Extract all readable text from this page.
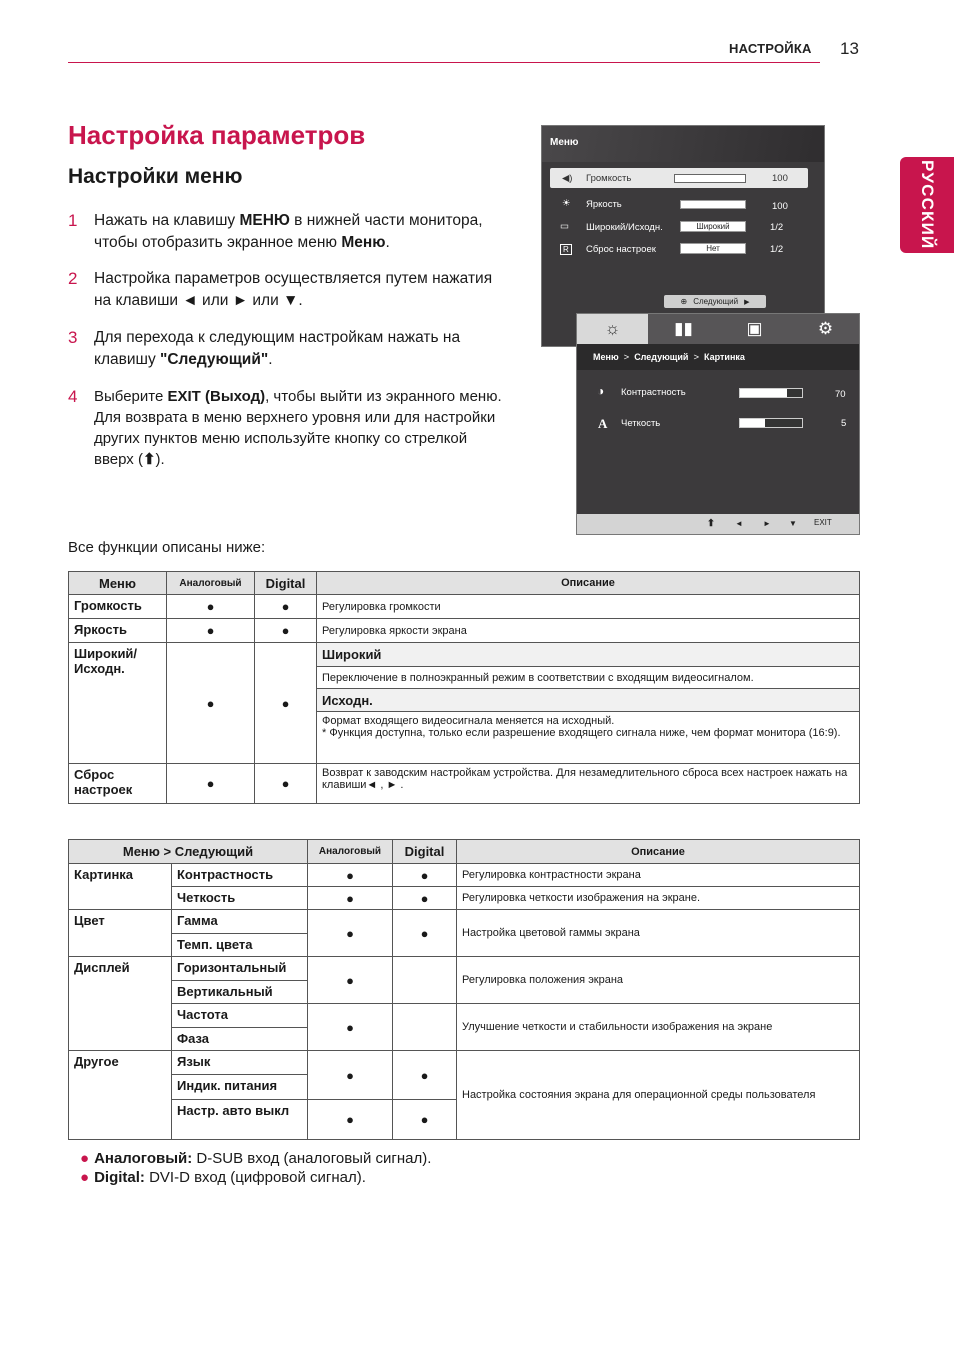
НАСТРОЙКА 13
РУССКИЙ
Настройка параметров
Настройки меню
1 Нажать на клавишу МЕНЮ в нижней части монитора, чтобы отобразить экранное меню Меню.
2 Настройка параметров осуществляется путем нажатия на клавиши ◄ или ► или ▼.
3 Для перехода к следующим настройкам нажать на клавишу "Следующий".
4 Выберите EXIT (Выход), чтобы выйти из экранного меню.
Для возврата в меню верхнего уровня или для настройки других пунктов меню используйте кнопку со стрелкой вверх (⬆).
Меню
◀) Громкость	100
☀ Яркость	100
▭ Широкий/Исходн.	Широкий	1/2
R	Сброс настроек	Нет	1/2
⊕ Следующий ▶
☼	▮▮	▣	⚙
Меню > Следующий > Картинка
◑ Контрастность	70
A Четкость	5
⬆	◄	► ▼ EXIT
Все функции описаны ниже:
Меню	Аналоговый	Digital	Описание
Громкость	●	●	Регулировка громкости
Яркость	●	●	Регулировка яркости экрана
Широкий/ Исходн.	●	●	Широкий
			Переключение в полноэкранный режим в соответствии с входящим видеосигналом.
			Исходн.

			Формат входящего видеосигнала меняется на исходный.
* Функция доступна, только если разрешение входящего сигнала ниже, чем формат монитора (16:9).

Сброс настроек	●	●	Возврат к заводским настройкам устройства. Для незамедлительного сброса всех настроек нажать на клавиши◄ , ► .
Меню > Следующий		Аналоговый	Digital	Описание
Картинка	Контрастность	●	●	Регулировка контрастности экрана
	Четкость	●	●	Регулировка четкости изображения на экране.
Цвет	Гамма	●	●	Настройка цветовой гаммы экрана
	Темп. цвета			
Дисплей	Горизонтальный	●		Регулировка положения экрана
	Вертикальный			
	Частота	●		Улучшение четкости и стабильности изображения на экране
	Фаза			
Другое	Язык	●	●	Настройка состояния экрана для операционной среды пользователя
	Индик. питания			
	Настр. авто выкл	●	●	
● Аналоговый: D-SUB вход (аналоговый сигнал).
● Digital: DVI-D вход (цифровой сигнал).
